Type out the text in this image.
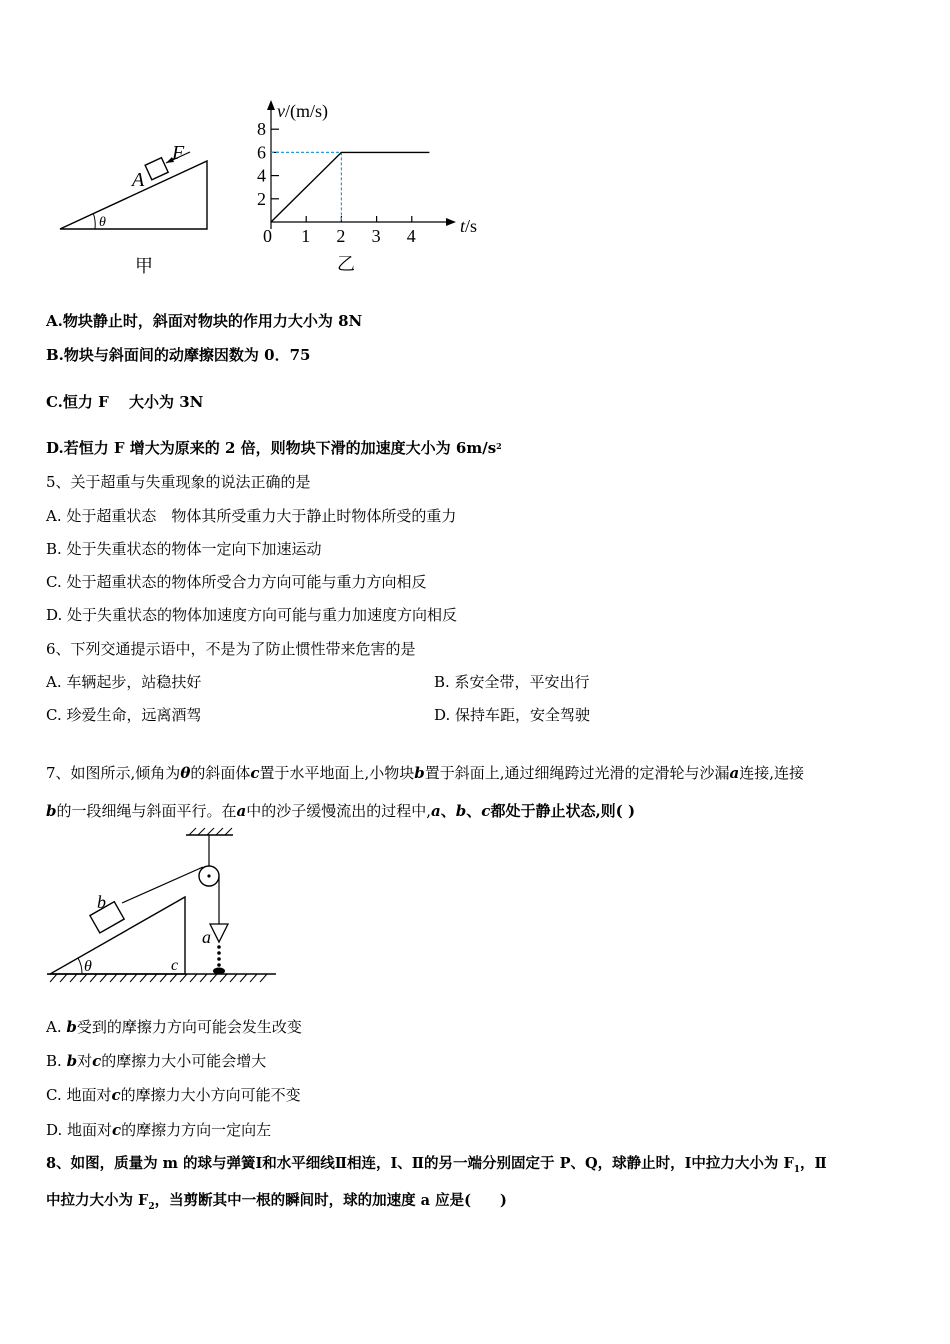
F
A
θ
甲
v/(m/s)
t/s
0 1 2 3 4
2
4
6
8
乙
A.物块静止时，斜面对物块的作用力大小为 8N
B.物块与斜面间的动摩擦因数为 0．75
C.恒力 F　 大小为 3N
D.若恒力 F 增大为原来的 2 倍，则物块下滑的加速度大小为 $6m/s^2$
5、关于超重与失重现象的说法正确的是
A. 处于超重状态　物体其所受重力大于静止时物体所受的重力
B. 处于失重状态的物体一定向下加速运动
C. 处于超重状态的物体所受合力方向可能与重力方向相反
D. 处于失重状态的物体加速度方向可能与重力加速度方向相反
6、下列交通提示语中，不是为了防止惯性带来危害的是
A. 车辆起步，站稳扶好	B. 系安全带，平安出行
C. 珍爱生命，远离酒驾	D. 保持车距，安全驾驶
7、如图所示,倾角为θ的斜面体c置于水平地面上,小物块b置于斜面上,通过细绳跨过光滑的定滑轮与沙漏a连接,连接
b的一段细绳与斜面平行。在a中的沙子缓慢流出的过程中,a、b、c都处于静止状态,则( )
b
a
θ	c
A. b受到的摩擦力方向可能会发生改变
B. b对c的摩擦力大小可能会增大
C. 地面对c的摩擦力大小方向可能不变
D. 地面对c的摩擦力方向一定向左
8、如图，质量为 m 的球与弹簧Ⅰ和水平细线Ⅱ相连，Ⅰ、Ⅱ的另一端分别固定于 P、Q，球静止时，Ⅰ中拉力大小为 $F_1$，Ⅱ
中拉力大小为 $F_2$，当剪断其中一根的瞬间时，球的加速度 a 应是(　　)
